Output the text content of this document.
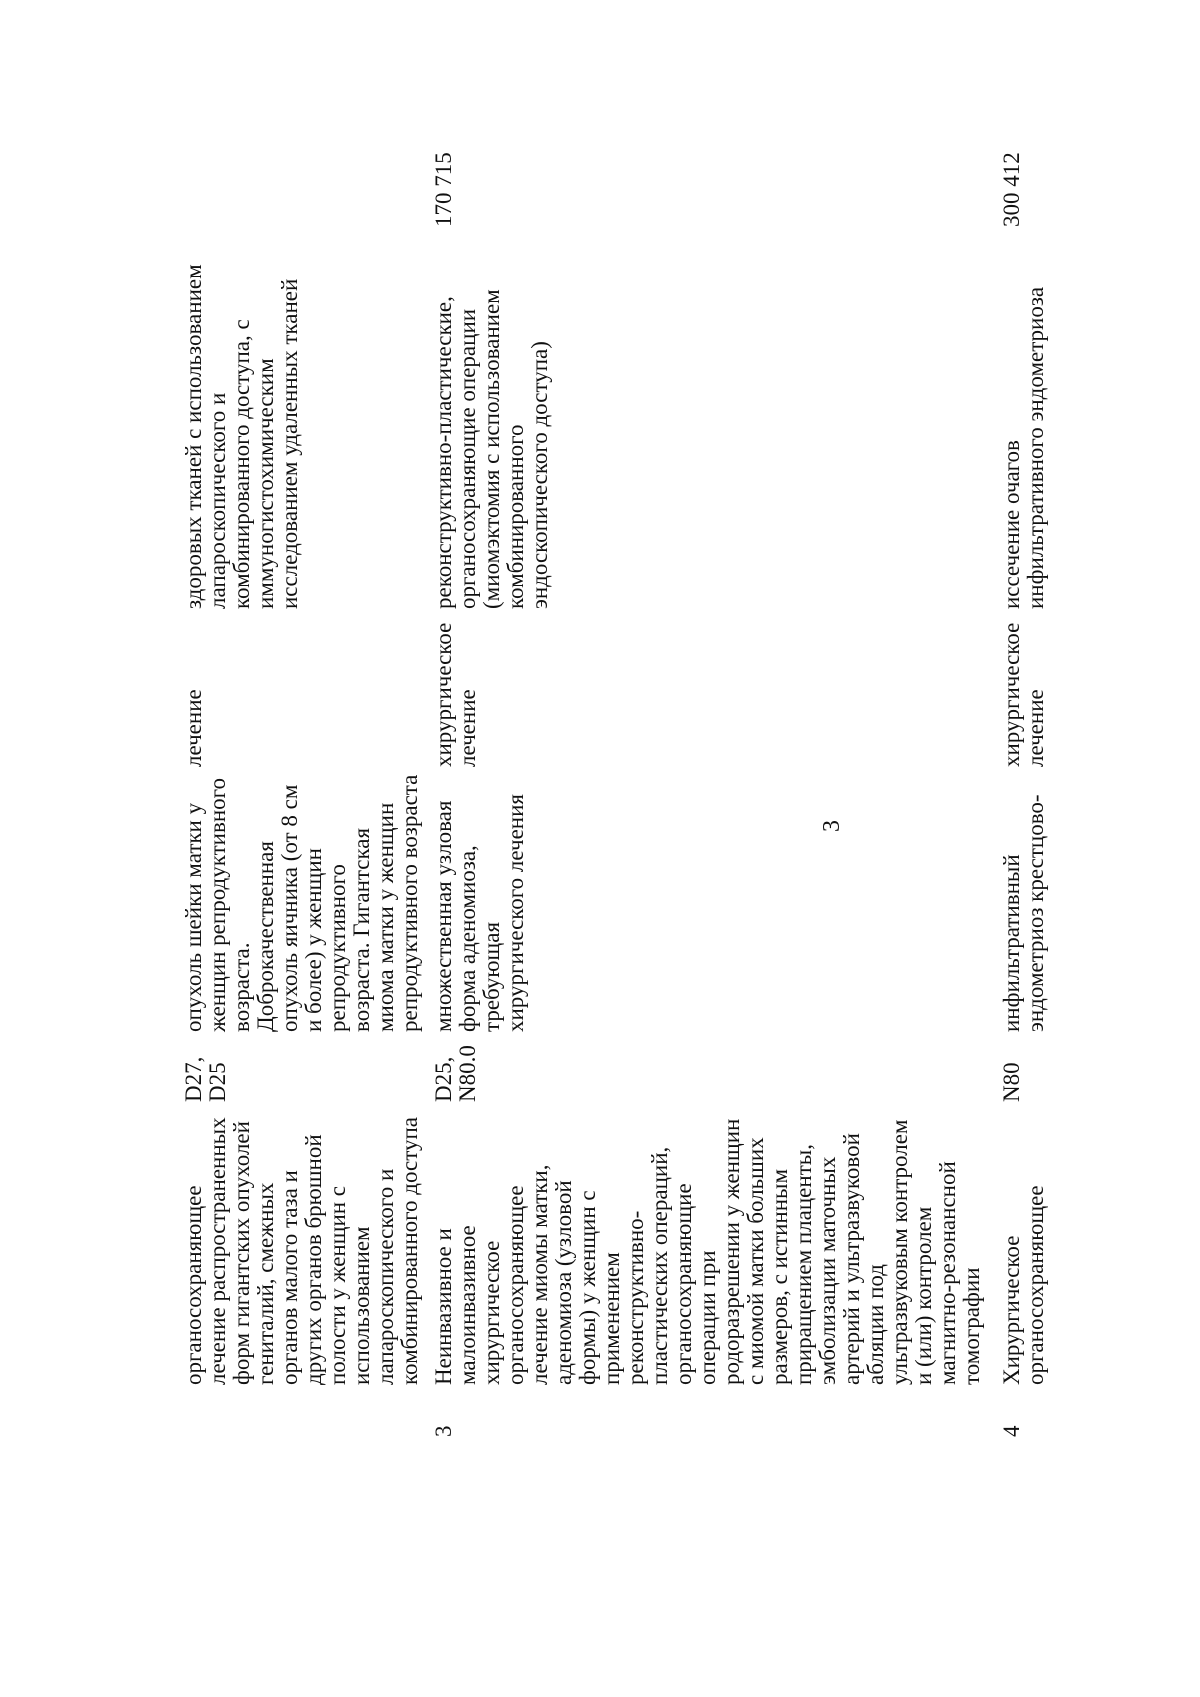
3
органосохраняющее
лечение распространенных
форм гигантских опухолей
гениталий, смежных
органов малого таза и
других органов брюшной
полости у женщин с
использованием
лапароскопического и
комбинированного доступа
D27,
D25
опухоль шейки матки у
женщин репродуктивного
возраста.
Доброкачественная
опухоль яичника (от 8 см
и более) у женщин
репродуктивного
возраста. Гигантская
миома матки у женщин
репродуктивного возраста
лечение
здоровых тканей с использованием
лапароскопического и
комбинированного доступа, с
иммуногистохимическим
исследованием удаленных тканей
3
Неинвазивное и
малоинвазивное
хирургическое
органосохраняющее
лечение миомы матки,
аденомиоза (узловой
формы) у женщин с
применением
реконструктивно-
пластических операций,
органосохраняющие
операции при
родоразрешении у женщин
с миомой матки больших
размеров, с истинным
приращением плаценты,
эмболизации маточных
артерий и ультразвуковой
абляции под
ультразвуковым контролем
и (или) контролем
магнитно-резонансной
томографии
D25,
N80.0
множественная узловая
форма аденомиоза,
требующая
хирургического лечения
хирургическое
лечение
реконструктивно-пластические,
органосохраняющие операции
(миомэктомия с использованием
комбинированного
эндоскопического доступа)
170 715
4
Хирургическое
органосохраняющее
N80
инфильтративный
эндометриоз крестцово-
хирургическое
лечение
иссечение очагов
инфильтративного эндометриоза
300 412
